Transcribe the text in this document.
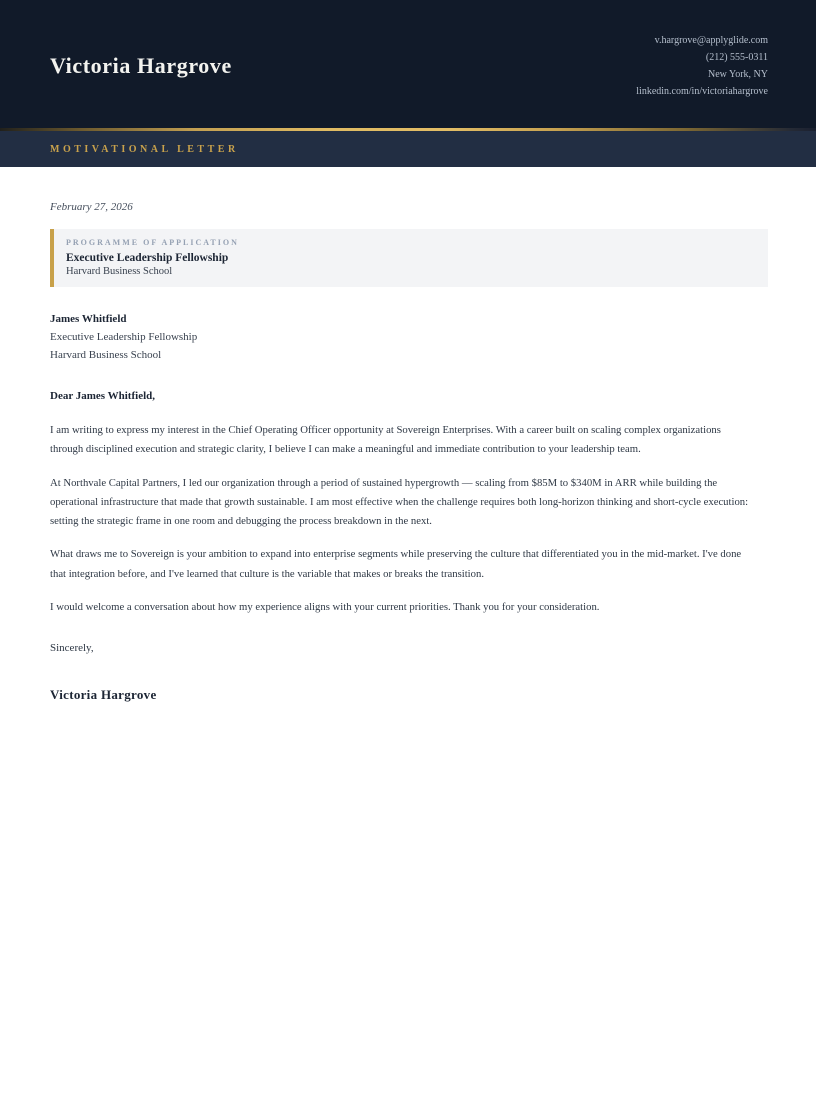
Victoria Hargrove
v.hargrove@applyglide.com
(212) 555-0311
New York, NY
linkedin.com/in/victoriahargrove
MOTIVATIONAL LETTER
February 27, 2026
PROGRAMME OF APPLICATION
Executive Leadership Fellowship
Harvard Business School
James Whitfield
Executive Leadership Fellowship
Harvard Business School
Dear James Whitfield,

I am writing to express my interest in the Chief Operating Officer opportunity at Sovereign Enterprises. With a career built on scaling complex organizations through disciplined execution and strategic clarity, I believe I can make a meaningful and immediate contribution to your leadership team.

At Northvale Capital Partners, I led our organization through a period of sustained hypergrowth — scaling from $85M to $340M in ARR while building the operational infrastructure that made that growth sustainable. I am most effective when the challenge requires both long-horizon thinking and short-cycle execution: setting the strategic frame in one room and debugging the process breakdown in the next.

What draws me to Sovereign is your ambition to expand into enterprise segments while preserving the culture that differentiated you in the mid-market. I've done that integration before, and I've learned that culture is the variable that makes or breaks the transition.

I would welcome a conversation about how my experience aligns with your current priorities. Thank you for your consideration.

Sincerely,
Victoria Hargrove
